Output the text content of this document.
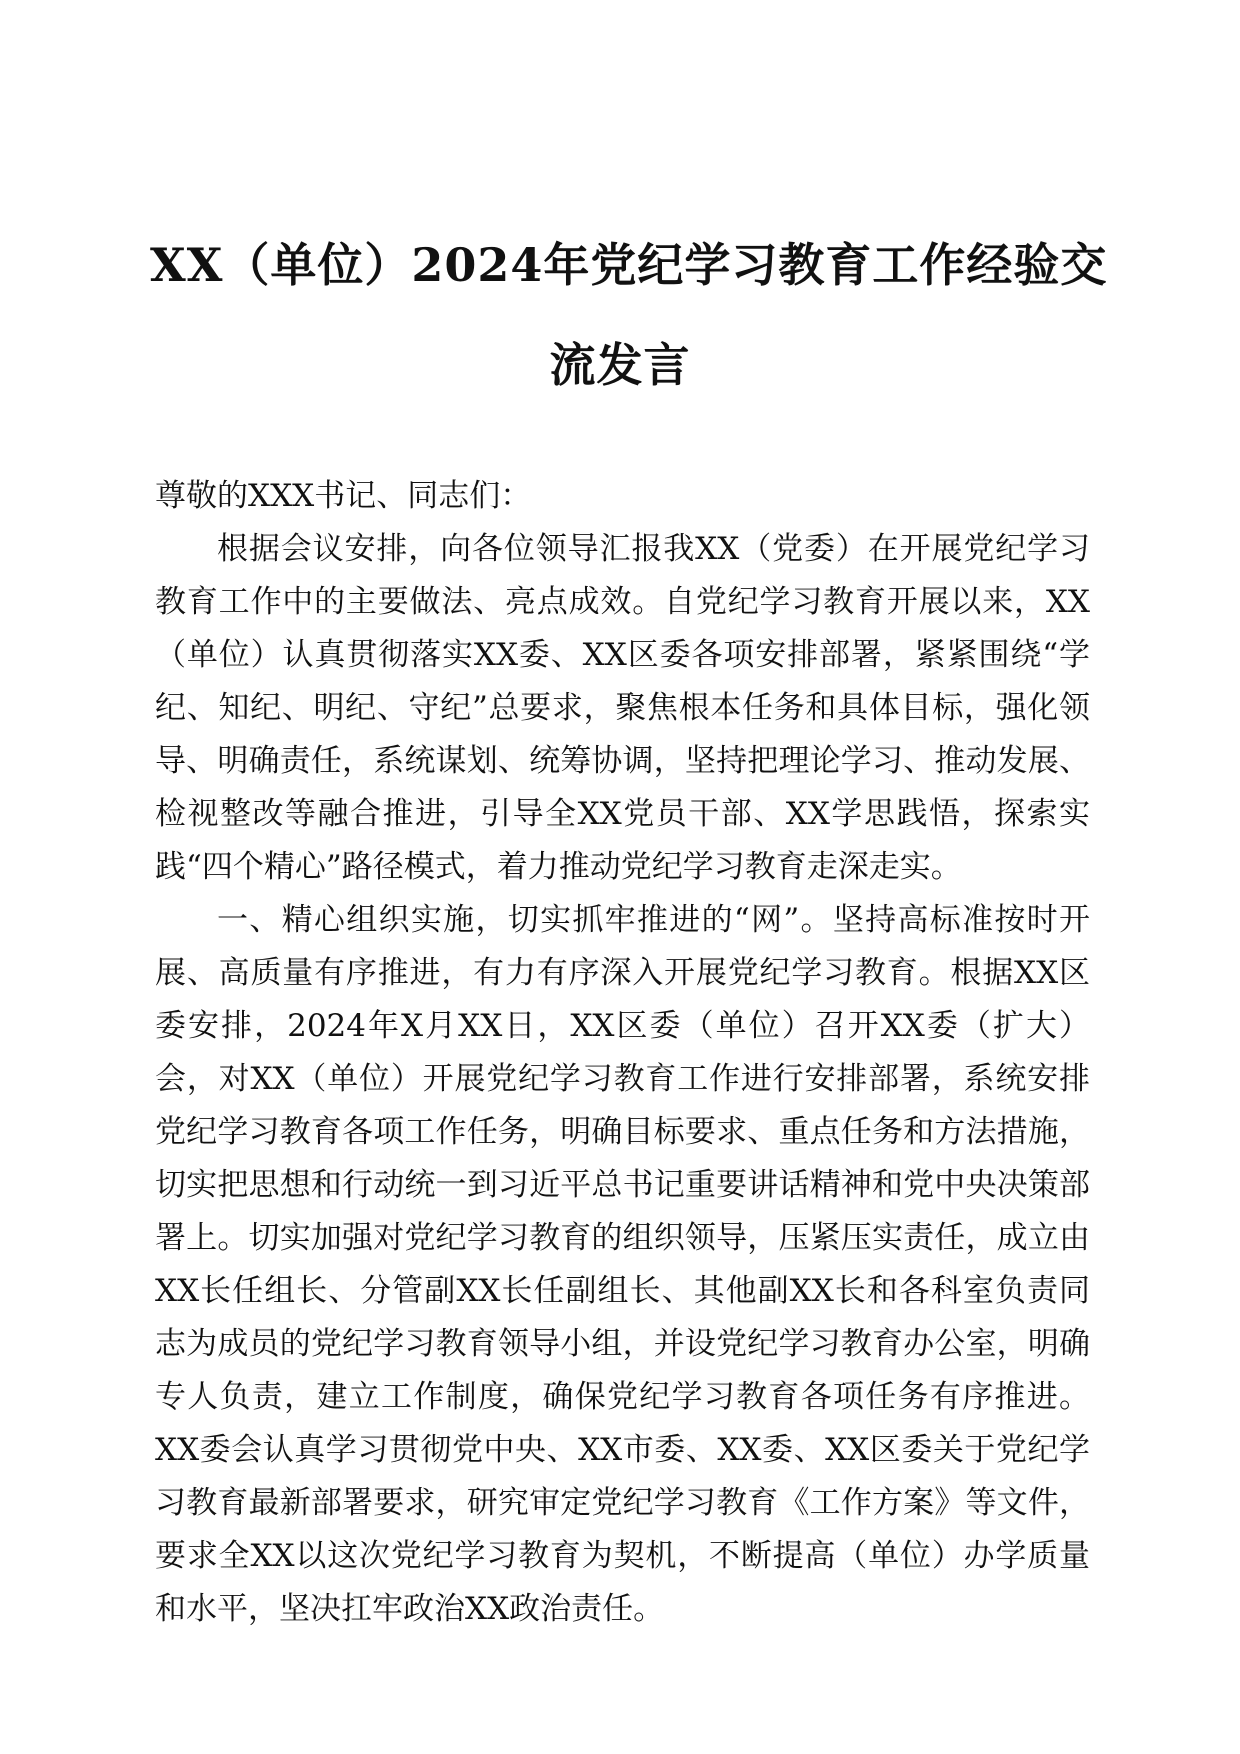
XX（单位）2024年党纪学习教育工作经验交
流发言

尊敬的XXX书记、同志们：

根据会议安排，向各位领导汇报我XX（党委）在开展党纪学习教育工作中的主要做法、亮点成效。自党纪学习教育开展以来，XX（单位）认真贯彻落实XX委、XX区委各项安排部署，紧紧围绕“学纪、知纪、明纪、守纪”总要求，聚焦根本任务和具体目标，强化领导、明确责任，系统谋划、统筹协调，坚持把理论学习、推动发展、检视整改等融合推进，引导全XX党员干部、XX学思践悟，探索实践“四个精心”路径模式，着力推动党纪学习教育走深走实。

一、精心组织实施，切实抓牢推进的“网”。坚持高标准按时开展、高质量有序推进，有力有序深入开展党纪学习教育。根据XX区委安排，2024年X月XX日，XX区委（单位）召开XX委（扩大）会，对XX（单位）开展党纪学习教育工作进行安排部署，系统安排党纪学习教育各项工作任务，明确目标要求、重点任务和方法措施，切实把思想和行动统一到习近平总书记重要讲话精神和党中央决策部署上。切实加强对党纪学习教育的组织领导，压紧压实责任，成立由XX长任组长、分管副XX长任副组长、其他副XX长和各科室负责同志为成员的党纪学习教育领导小组，并设党纪学习教育办公室，明确专人负责，建立工作制度，确保党纪学习教育各项任务有序推进。XX委会认真学习贯彻党中央、XX市委、XX委、XX区委关于党纪学习教育最新部署要求，研究审定党纪学习教育《工作方案》等文件，要求全XX以这次党纪学习教育为契机，不断提高（单位）办学质量和水平，坚决扛牢政治XX政治责任。
